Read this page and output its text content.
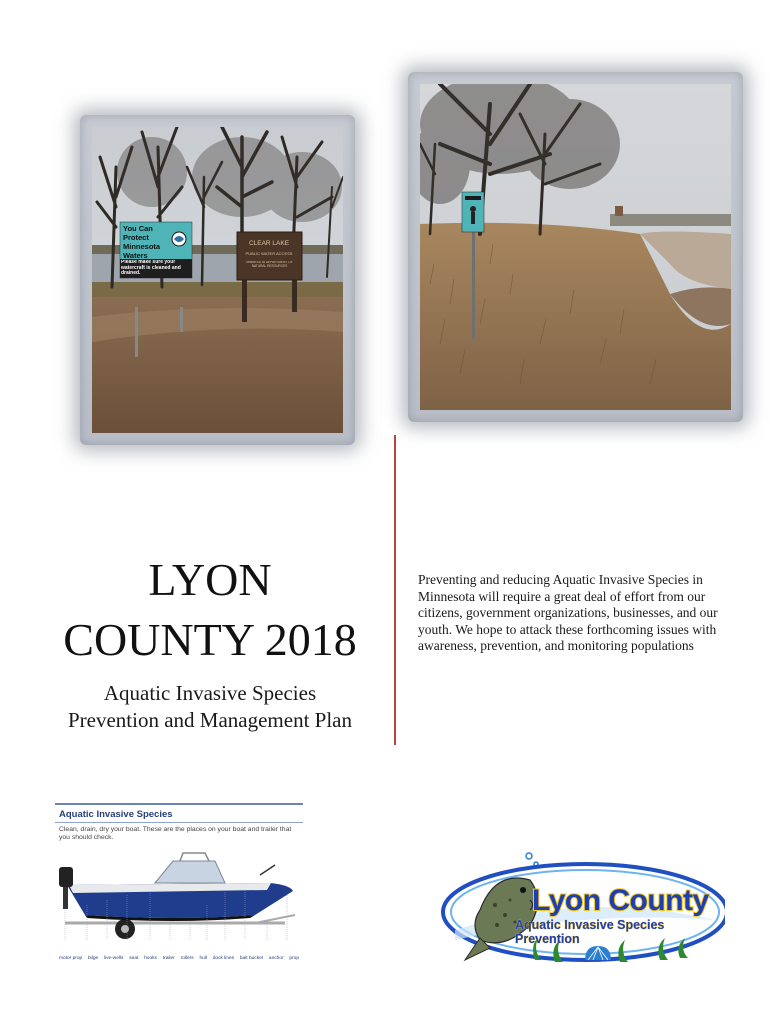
You Can
Protect
Minnesota
Waters
Please make sure your watercraft is cleaned and drained.
CLEAR LAKE
PUBLIC WATER ACCESS
MINNESOTA DEPARTMENT OF NATURAL RESOURCES
LYON
COUNTY 2018
Aquatic Invasive Species
Prevention and Management Plan
Preventing and reducing Aquatic Invasive Species in Minnesota will require a great deal of effort from our citizens, government organizations, businesses, and our youth. We hope to attack these forthcoming issues with awareness, prevention, and monitoring populations
Aquatic Invasive Species
Clean, drain, dry your boat. These are the places on your boat and trailer that you should check.
motor prop bilge live-wells seat hooks trailer rollers hull dock lines bait bucket anchor prop
Lyon County
Aquatic Invasive Species Prevention
